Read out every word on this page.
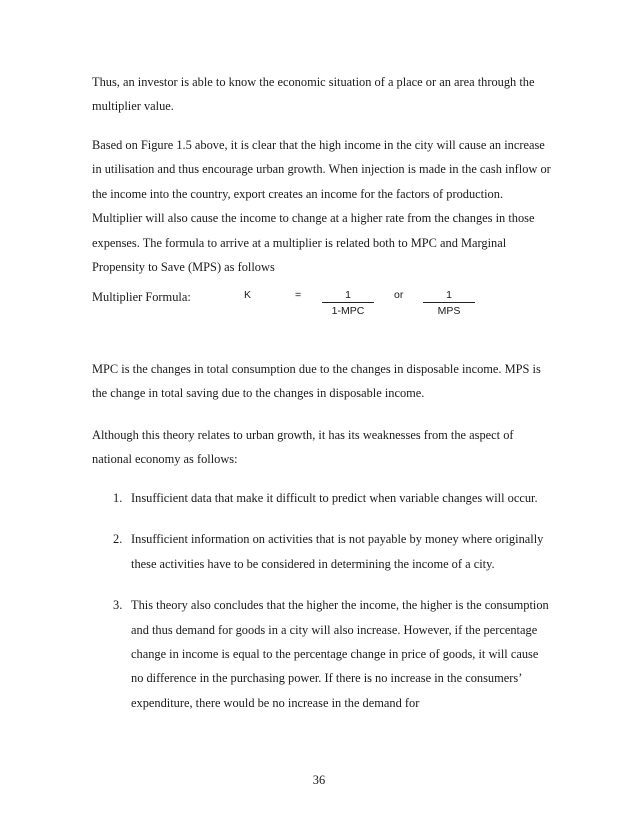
Thus, an investor is able to know the economic situation of a place or an area through the multiplier value.

Based on Figure 1.5 above, it is clear that the high income in the city will cause an increase in utilisation and thus encourage urban growth. When injection is made in the cash inflow or the income into the country, export creates an income for the factors of production. Multiplier will also cause the income to change at a higher rate from the changes in those expenses. The formula to arrive at a multiplier is related both to MPC and Marginal Propensity to Save (MPS) as follows

Multiplier Formula:	K	=	1
1-MPC
or	1
MPS

MPC is the changes in total consumption due to the changes in disposable income. MPS is the change in total saving due to the changes in disposable income.

Although this theory relates to urban growth, it has its weaknesses from the aspect of national economy as follows:

1. Insufficient data that make it difficult to predict when variable changes will occur.
2. Insufficient information on activities that is not payable by money where originally these activities have to be considered in determining the income of a city.
3. This theory also concludes that the higher the income, the higher is the consumption and thus demand for goods in a city will also increase. However, if the percentage change in income is equal to the percentage change in price of goods, it will cause no difference in the purchasing power. If there is no increase in the consumers’ expenditure, there would be no increase in the demand for
36
